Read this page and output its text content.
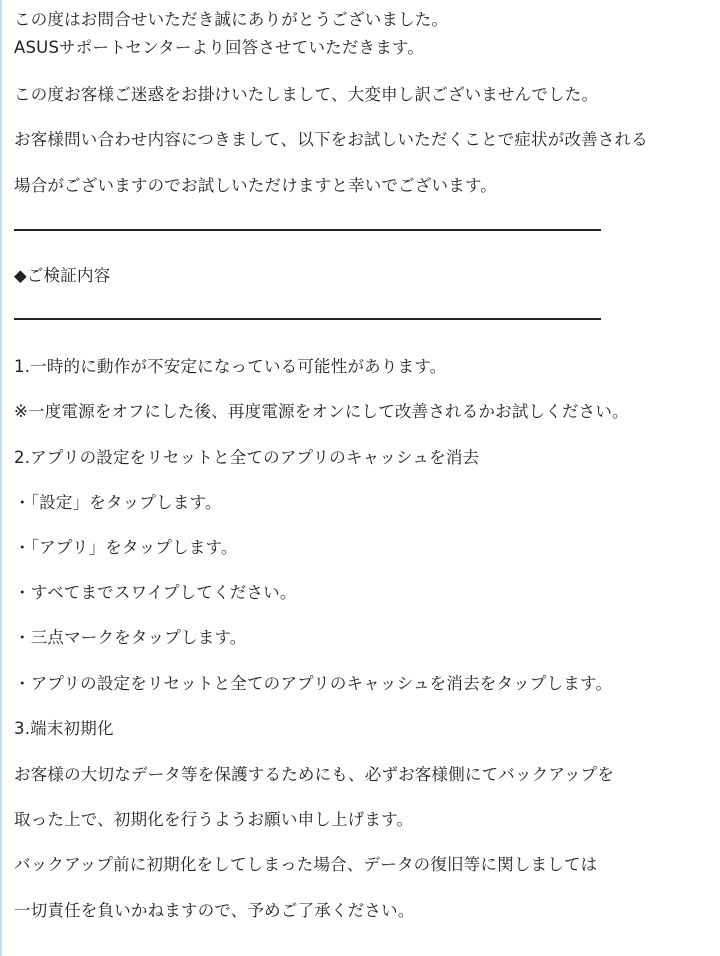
この度はお問合せいただき誠にありがとうございました。
ASUSサポートセンターより回答させていただきます。
この度お客様ご迷惑をお掛けいたしまして、大変申し訳ございませんでした。
お客様問い合わせ内容につきまして、以下をお試しいただくことで症状が改善される
場合がございますのでお試しいただけますと幸いでございます。
◆ご検証内容
1.一時的に動作が不安定になっている可能性があります。
※一度電源をオフにした後、再度電源をオンにして改善されるかお試しください。
2.アプリの設定をリセットと全てのアプリのキャッシュを消去
・「設定」をタップします。
・「アプリ」をタップします。
・すべてまでスワイプしてください。
・三点マークをタップします。
・アプリの設定をリセットと全てのアプリのキャッシュを消去をタップします。
3.端末初期化
お客様の大切なデータ等を保護するためにも、必ずお客様側にてバックアップを
取った上で、初期化を行うようお願い申し上げます。
バックアップ前に初期化をしてしまった場合、データの復旧等に関しましては
一切責任を負いかねますので、予めご了承ください。
